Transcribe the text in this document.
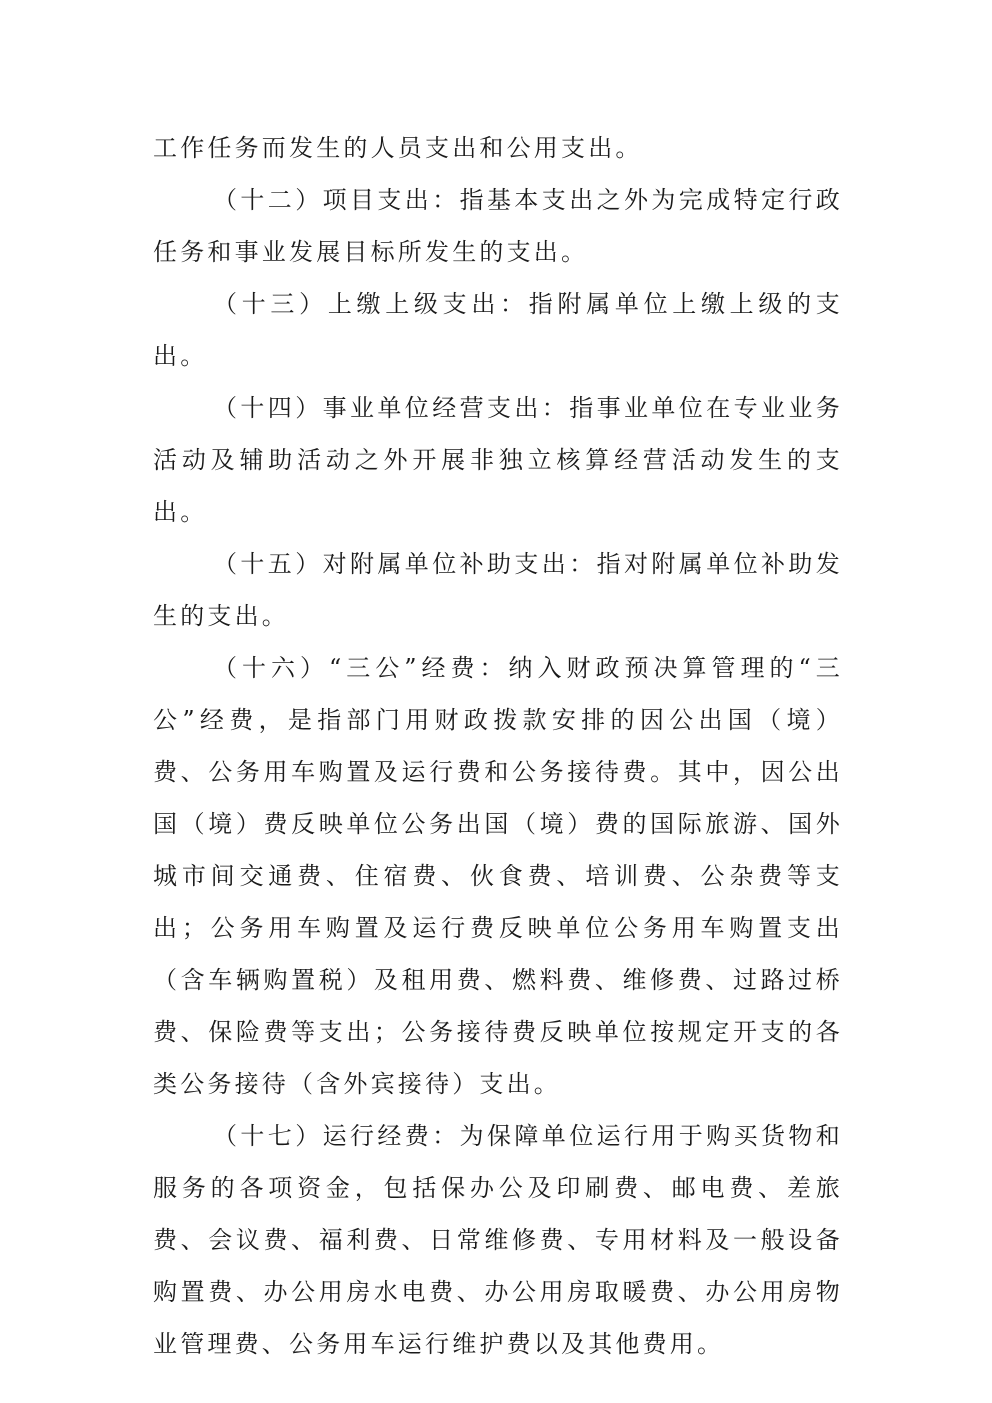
工作任务而发生的人员支出和公用支出。

（十二）项目支出：指基本支出之外为完成特定行政任务和事业发展目标所发生的支出。

（十三）上缴上级支出：指附属单位上缴上级的支出。

（十四）事业单位经营支出：指事业单位在专业业务活动及辅助活动之外开展非独立核算经营活动发生的支出。

（十五）对附属单位补助支出：指对附属单位补助发生的支出。

（十六）“三公”经费：纳入财政预决算管理的“三公”经费，是指部门用财政拨款安排的因公出国（境）费、公务用车购置及运行费和公务接待费。其中，因公出国（境）费反映单位公务出国（境）费的国际旅游、国外城市间交通费、住宿费、伙食费、培训费、公杂费等支出；公务用车购置及运行费反映单位公务用车购置支出（含车辆购置税）及租用费、燃料费、维修费、过路过桥费、保险费等支出；公务接待费反映单位按规定开支的各类公务接待（含外宾接待）支出。

（十七）运行经费：为保障单位运行用于购买货物和服务的各项资金，包括保办公及印刷费、邮电费、差旅费、会议费、福利费、日常维修费、专用材料及一般设备购置费、办公用房水电费、办公用房取暖费、办公用房物业管理费、公务用车运行维护费以及其他费用。
